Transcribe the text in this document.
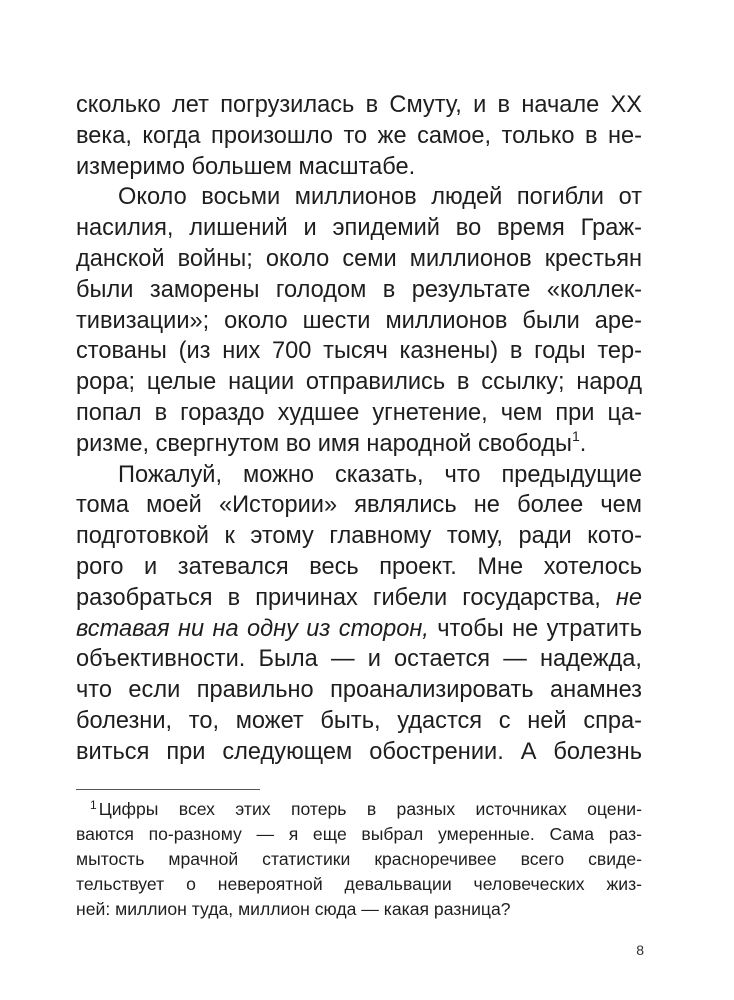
сколько лет погрузилась в Смуту, и в начале XX
века, когда произошло то же самое, только в не-
измеримо большем масштабе.
Около восьми миллионов людей погибли от
насилия, лишений и эпидемий во время Граж-
данской войны; около семи миллионов крестьян
были заморены голодом в результате «коллек-
тивизации»; около шести миллионов были аре-
стованы (из них 700 тысяч казнены) в годы тер-
рора; целые нации отправились в ссылку; народ
попал в гораздо худшее угнетение, чем при ца-
ризме, свергнутом во имя народной свободы$^1$.
Пожалуй, можно сказать, что предыдущие
тома моей «Истории» являлись не более чем
подготовкой к этому главному тому, ради кото-
рого и затевался весь проект. Мне хотелось
разобраться в причинах гибели государства, не
вставая ни на одну из сторон, чтобы не утратить
объективности. Была — и остается — надежда,
что если правильно проанализировать анамнез
болезни, то, может быть, удастся с ней спра-
виться при следующем обострении. А болезнь
$^1$ Цифры всех этих потерь в разных источниках оцени-
ваются по-разному — я еще выбрал умеренные. Сама раз-
мытость мрачной статистики красноречивее всего свиде-
тельствует о невероятной девальвации человеческих жиз-
ней: миллион туда, миллион сюда — какая разница?
8
